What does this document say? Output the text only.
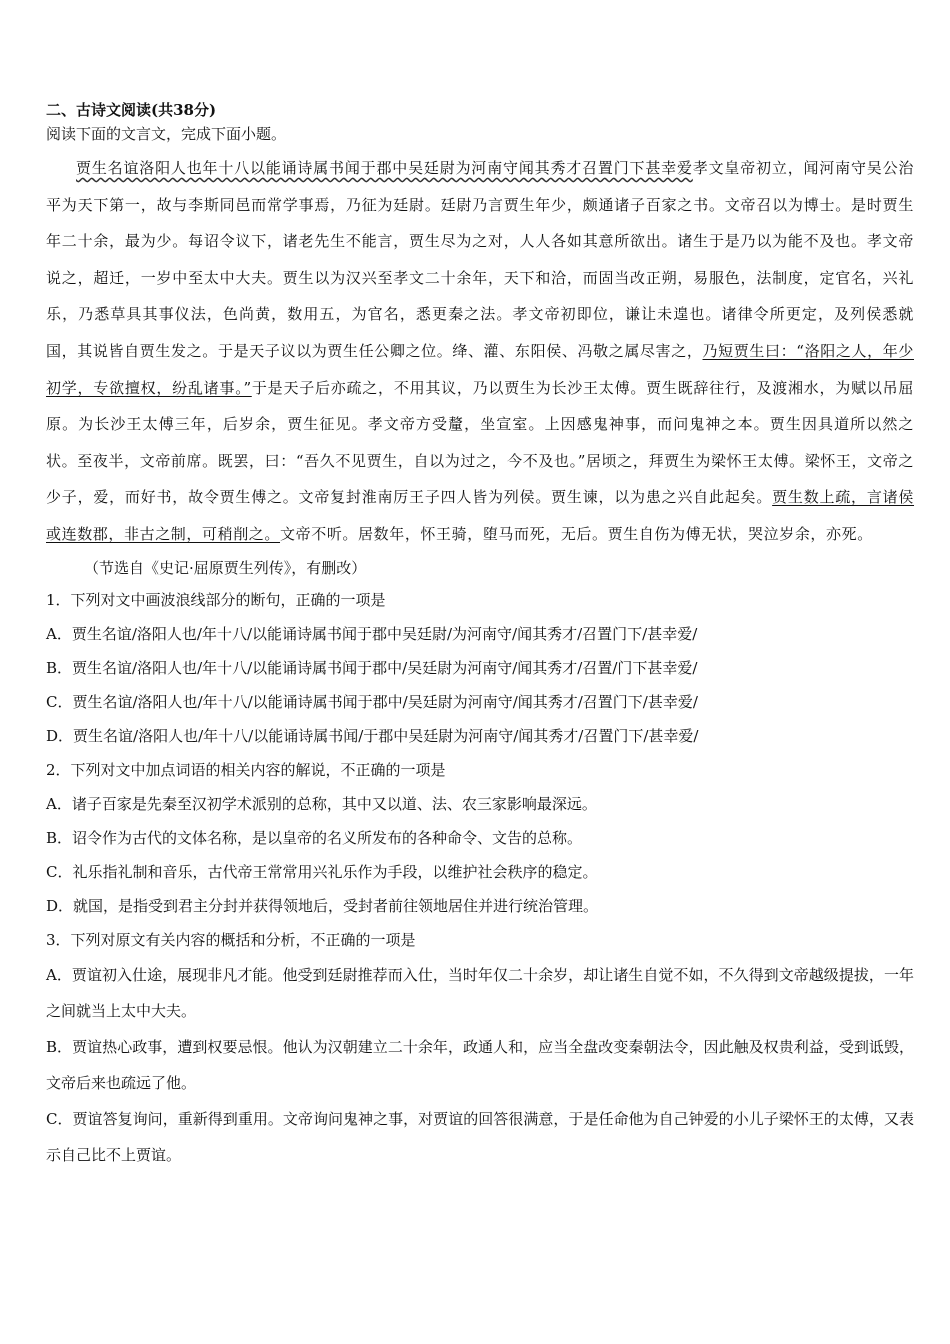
二、古诗文阅读(共38分)

阅读下面的文言文，完成下面小题。

贾生名谊洛阳人也年十八以能诵诗属书闻于郡中吴廷尉为河南守闻其秀才召置门下甚幸爱孝文皇帝初立，闻河南守吴公治平为天下第一，故与李斯同邑而常学事焉，乃征为廷尉。廷尉乃言贾生年少，颇通诸子百家之书。文帝召以为博士。是时贾生年二十余，最为少。每诏令议下，诸老先生不能言，贾生尽为之对，人人各如其意所欲出。诸生于是乃以为能不及也。孝文帝说之，超迁，一岁中至太中大夫。贾生以为汉兴至孝文二十余年，天下和洽，而固当改正朔，易服色，法制度，定官名，兴礼乐，乃悉草具其事仪法，色尚黄，数用五，为官名，悉更秦之法。孝文帝初即位，谦让未遑也。诸律令所更定，及列侯悉就国，其说皆自贾生发之。于是天子议以为贾生任公卿之位。绛、灌、东阳侯、冯敬之属尽害之，乃短贾生曰：“洛阳之人，年少初学，专欲擅权，纷乱诸事。”于是天子后亦疏之，不用其议，乃以贾生为长沙王太傅。贾生既辞往行，及渡湘水，为赋以吊屈原。为长沙王太傅三年，后岁余，贾生征见。孝文帝方受釐，坐宣室。上因感鬼神事，而问鬼神之本。贾生因具道所以然之状。至夜半，文帝前席。既罢，曰：“吾久不见贾生，自以为过之，今不及也。”居顷之，拜贾生为梁怀王太傅。梁怀王，文帝之少子，爱，而好书，故令贾生傅之。文帝复封淮南厉王子四人皆为列侯。贾生谏，以为患之兴自此起矣。贾生数上疏，言诸侯或连数郡，非古之制，可稍削之。文帝不听。居数年，怀王骑，堕马而死，无后。贾生自伤为傅无状，哭泣岁余，亦死。

（节选自《史记·屈原贾生列传》，有删改）

1．下列对文中画波浪线部分的断句，正确的一项是

A．贾生名谊/洛阳人也/年十八/以能诵诗属书闻于郡中吴廷尉/为河南守/闻其秀才/召置门下/甚幸爱/

B．贾生名谊/洛阳人也/年十八/以能诵诗属书闻于郡中/吴廷尉为河南守/闻其秀才/召置/门下甚幸爱/

C．贾生名谊/洛阳人也/年十八/以能诵诗属书闻于郡中/吴廷尉为河南守/闻其秀才/召置门下/甚幸爱/

D．贾生名谊/洛阳人也/年十八/以能诵诗属书闻/于郡中吴廷尉为河南守/闻其秀才/召置门下/甚幸爱/

2．下列对文中加点词语的相关内容的解说，不正确的一项是

A．诸子百家是先秦至汉初学术派别的总称，其中又以道、法、农三家影响最深远。

B．诏令作为古代的文体名称，是以皇帝的名义所发布的各种命令、文告的总称。

C．礼乐指礼制和音乐，古代帝王常常用兴礼乐作为手段，以维护社会秩序的稳定。

D．就国，是指受到君主分封并获得领地后，受封者前往领地居住并进行统治管理。

3．下列对原文有关内容的概括和分析，不正确的一项是

A．贾谊初入仕途，展现非凡才能。他受到廷尉推荐而入仕，当时年仅二十余岁，却让诸生自觉不如，不久得到文帝越级提拔，一年之间就当上太中大夫。

B．贾谊热心政事，遭到权要忌恨。他认为汉朝建立二十余年，政通人和，应当全盘改变秦朝法令，因此触及权贵利益，受到诋毁，文帝后来也疏远了他。

C．贾谊答复询问，重新得到重用。文帝询问鬼神之事，对贾谊的回答很满意，于是任命他为自己钟爱的小儿子梁怀王的太傅，又表示自己比不上贾谊。
